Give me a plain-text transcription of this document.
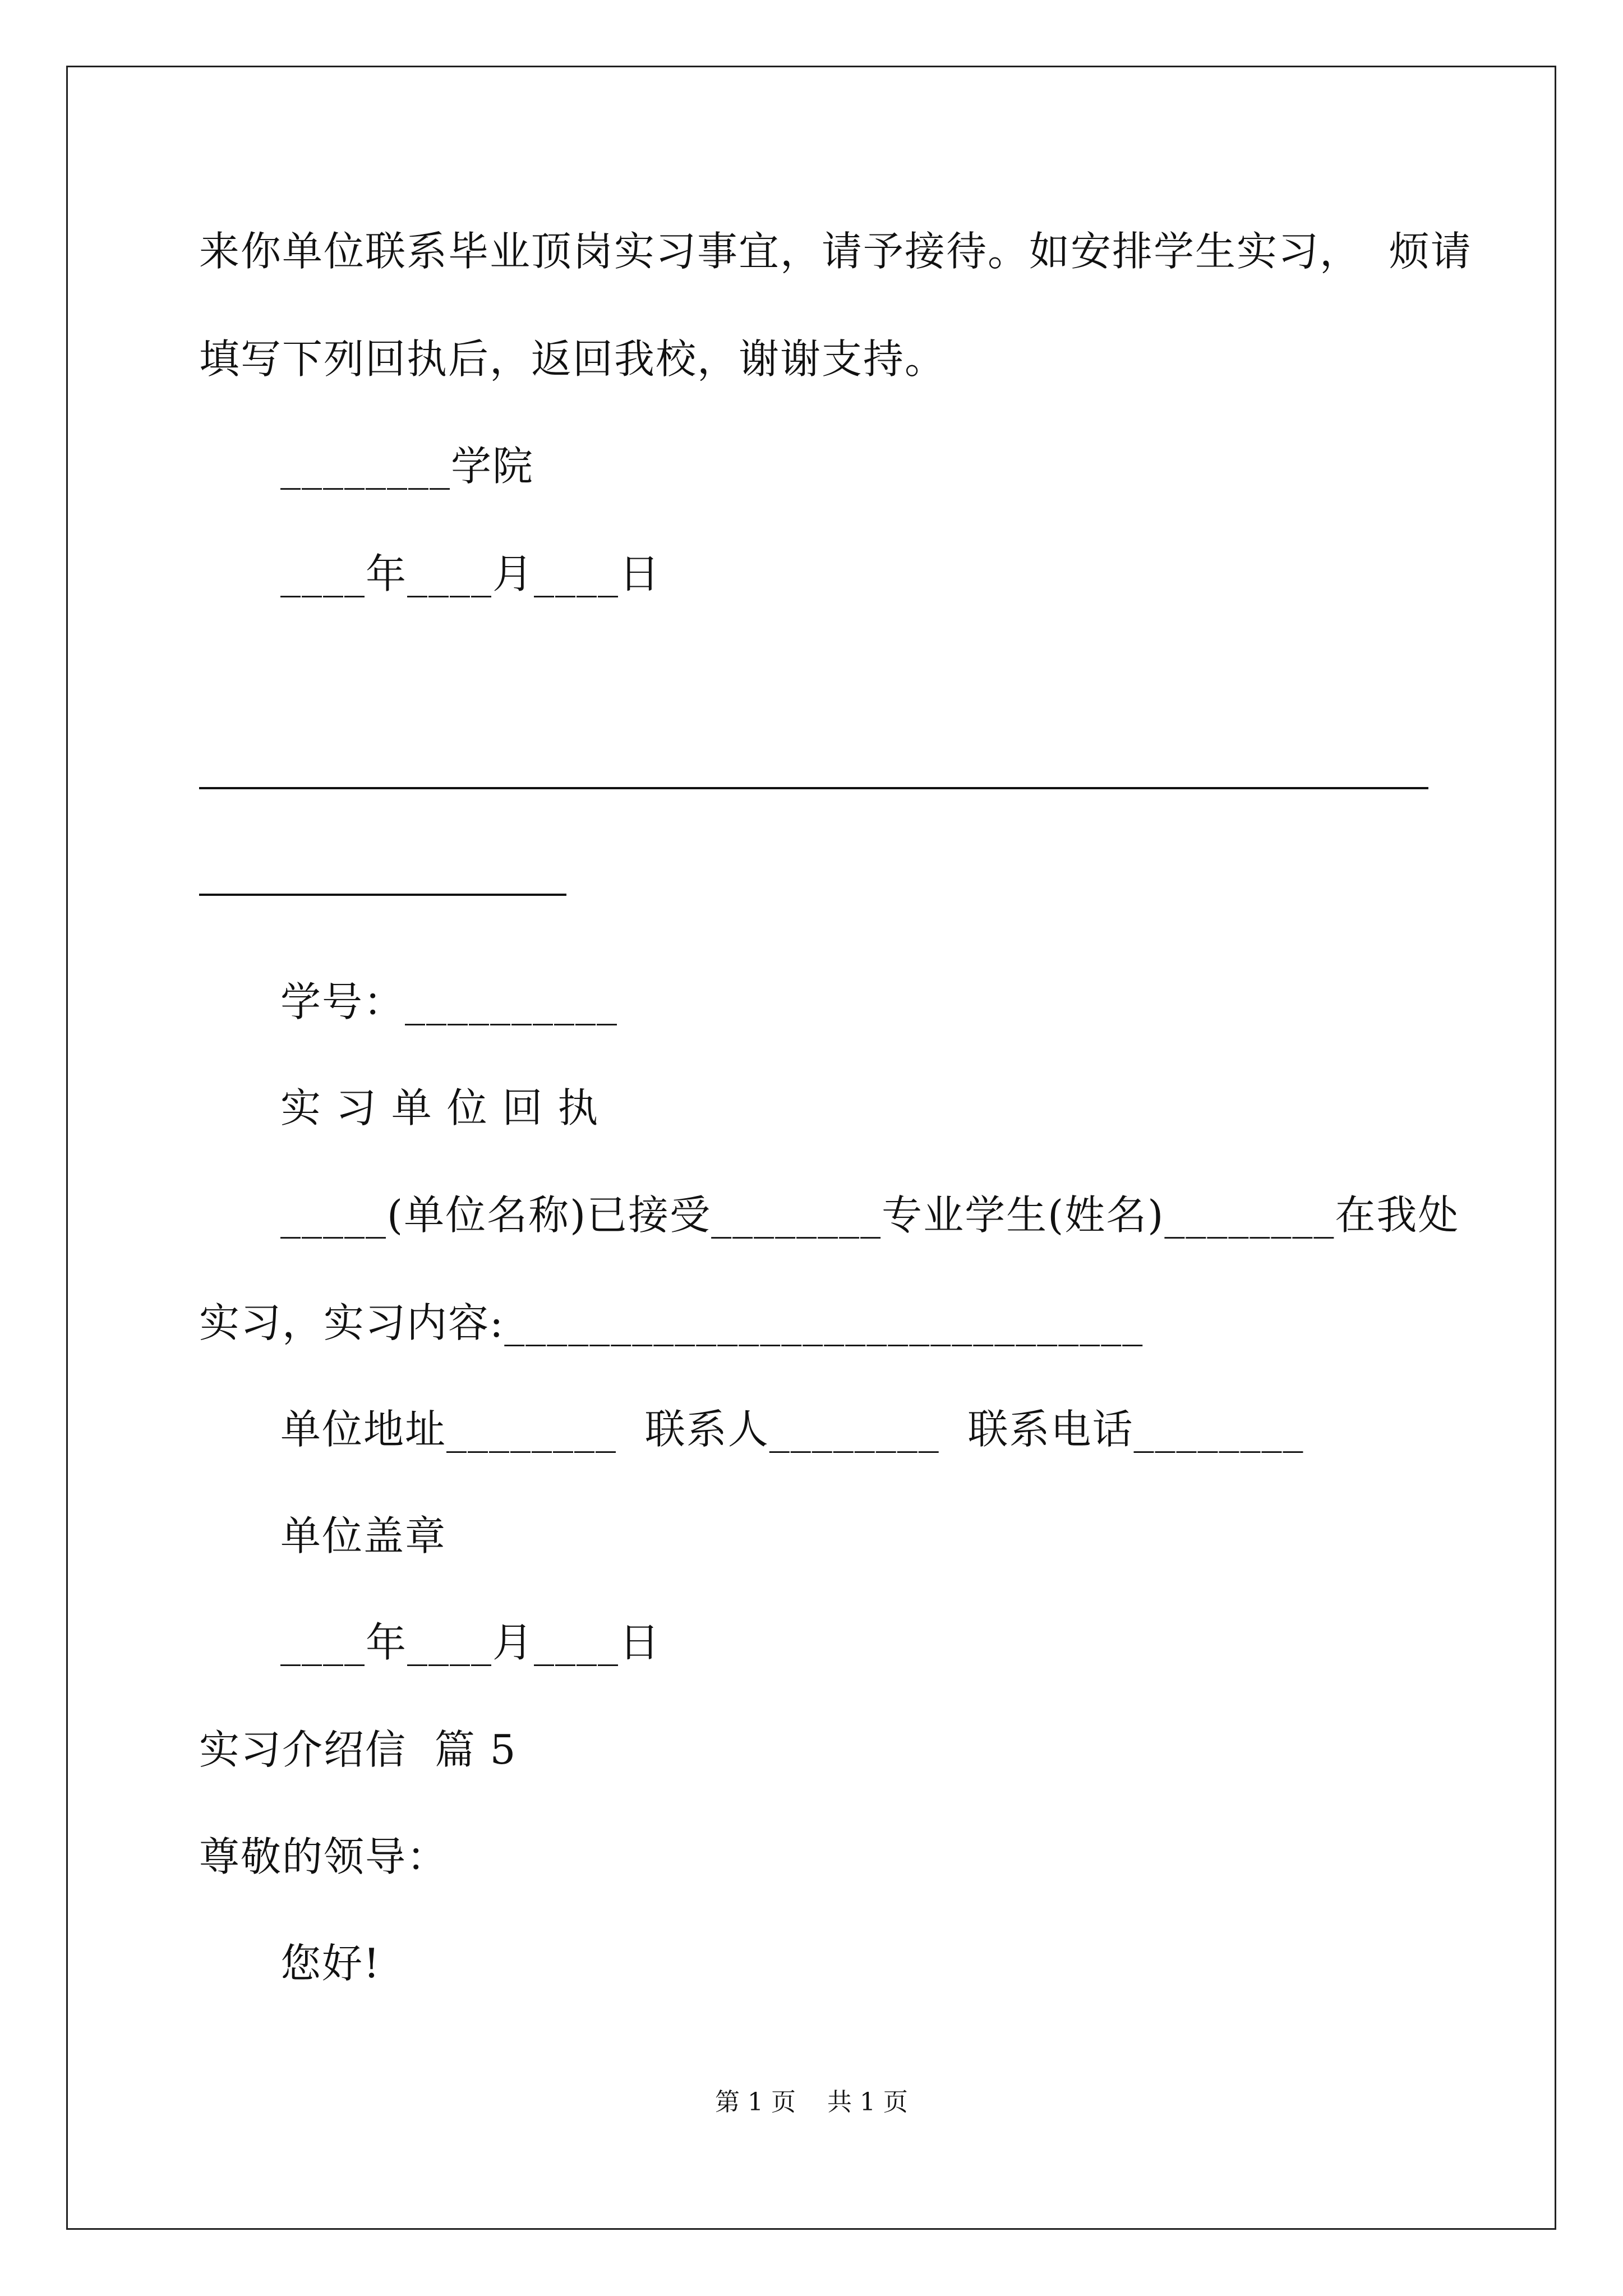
来你单位联系毕业顶岗实习事宜，请予接待。如安排学生实习，  烦请
填写下列回执后，返回我校，谢谢支持。
________学院
____年____月____日
学号：__________
实 习 单 位 回 执
_____(单位名称)已接受________专业学生(姓名)________在我处
实习，实习内容:______________________________
单位地址________  联系人________  联系电话________
单位盖章
____年____月____日
实习介绍信  篇 5
尊敬的领导：
您好!
第 1 页    共 1 页
